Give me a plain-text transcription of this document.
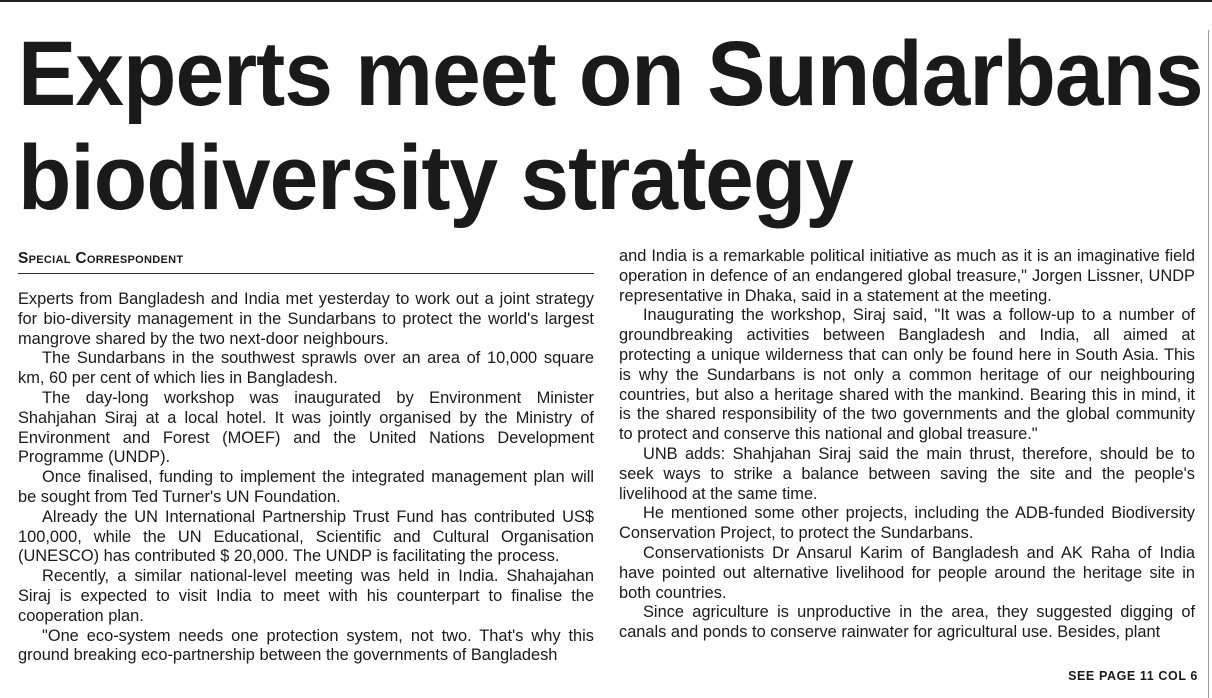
Experts meet on Sundarbans
biodiversity strategy
Special Correspondent

Experts from Bangladesh and India met yesterday to work out a joint strategy for bio-diversity management in the Sundarbans to protect the world's largest mangrove shared by the two next-door neighbours.

The Sundarbans in the southwest sprawls over an area of 10,000 square km, 60 per cent of which lies in Bangladesh.

The day-long workshop was inaugurated by Environment Minister Shahjahan Siraj at a local hotel. It was jointly organised by the Ministry of Environment and Forest (MOEF) and the United Nations Development Programme (UNDP).

Once finalised, funding to implement the integrated management plan will be sought from Ted Turner's UN Foundation.

Already the UN International Partnership Trust Fund has contributed US$ 100,000, while the UN Educational, Scientific and Cultural Organisation (UNESCO) has contributed $ 20,000. The UNDP is facilitating the process.

Recently, a similar national-level meeting was held in India. Shahajahan Siraj is expected to visit India to meet with his counterpart to finalise the cooperation plan.

"One eco-system needs one protection system, not two. That's why this ground breaking eco-partnership between the governments of Bangladesh

and India is a remarkable political initiative as much as it is an imaginative field operation in defence of an endangered global treasure," Jorgen Lissner, UNDP representative in Dhaka, said in a statement at the meeting.

Inaugurating the workshop, Siraj said, "It was a follow-up to a number of groundbreaking activities between Bangladesh and India, all aimed at protecting a unique wilderness that can only be found here in South Asia. This is why the Sundarbans is not only a common heritage of our neighbouring countries, but also a heritage shared with the mankind. Bearing this in mind, it is the shared responsibility of the two governments and the global community to protect and conserve this national and global treasure."

UNB adds: Shahjahan Siraj said the main thrust, therefore, should be to seek ways to strike a balance between saving the site and the people's livelihood at the same time.

He mentioned some other projects, including the ADB-funded Biodiversity Conservation Project, to protect the Sundarbans.

Conservationists Dr Ansarul Karim of Bangladesh and AK Raha of India have pointed out alternative livelihood for people around the heritage site in both countries.

Since agriculture is unproductive in the area, they suggested digging of canals and ponds to conserve rainwater for agricultural use. Besides, plant

SEE PAGE 11 COL 6
